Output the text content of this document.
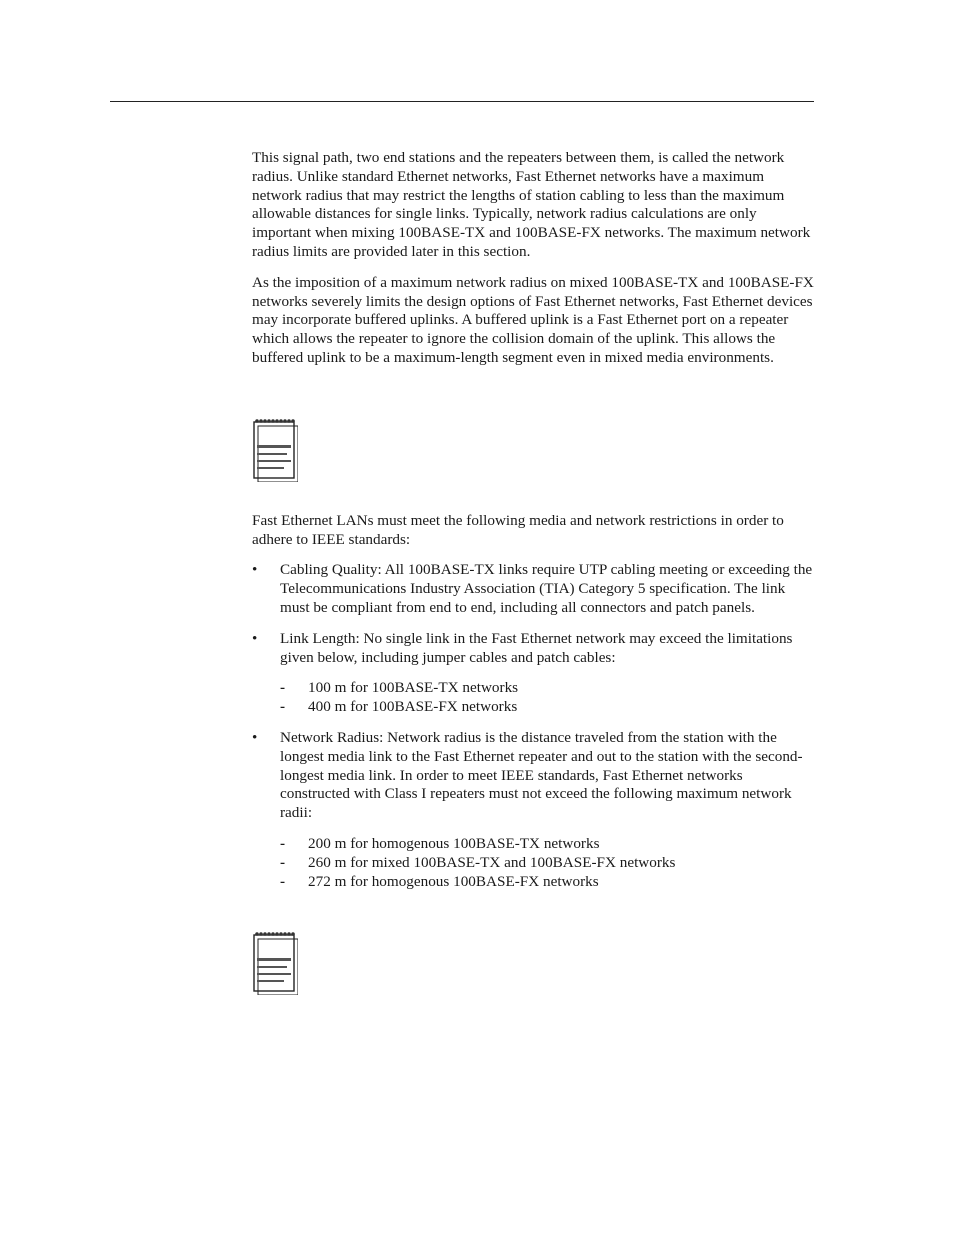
This signal path, two end stations and the repeaters between them, is called the network radius. Unlike standard Ethernet networks, Fast Ethernet networks have a maximum network radius that may restrict the lengths of station cabling to less than the maximum allowable distances for single links. Typically, network radius calculations are only important when mixing 100BASE-TX and 100BASE-FX networks. The maximum network radius limits are provided later in this section.

As the imposition of a maximum network radius on mixed 100BASE-TX and 100BASE-FX networks severely limits the design options of Fast Ethernet networks, Fast Ethernet devices may incorporate buffered uplinks. A buffered uplink is a Fast Ethernet port on a repeater which allows the repeater to ignore the collision domain of the uplink. This allows the buffered uplink to be a maximum-length segment even in mixed media environments.

Fast Ethernet LANs must meet the following media and network restrictions in order to adhere to IEEE standards:

• Cabling Quality: All 100BASE-TX links require UTP cabling meeting or exceeding the Telecommunications Industry Association (TIA) Category 5 specification. The link must be compliant from end to end, including all connectors and patch panels.
• Link Length: No single link in the Fast Ethernet network may exceed the limitations given below, including jumper cables and patch cables:
- 100 m for 100BASE-TX networks
- 400 m for 100BASE-FX networks
• Network Radius: Network radius is the distance traveled from the station with the longest media link to the Fast Ethernet repeater and out to the station with the second-longest media link. In order to meet IEEE standards, Fast Ethernet networks constructed with Class I repeaters must not exceed the following maximum network radii:
- 200 m for homogenous 100BASE-TX networks
- 260 m for mixed 100BASE-TX and 100BASE-FX networks
- 272 m for homogenous 100BASE-FX networks
